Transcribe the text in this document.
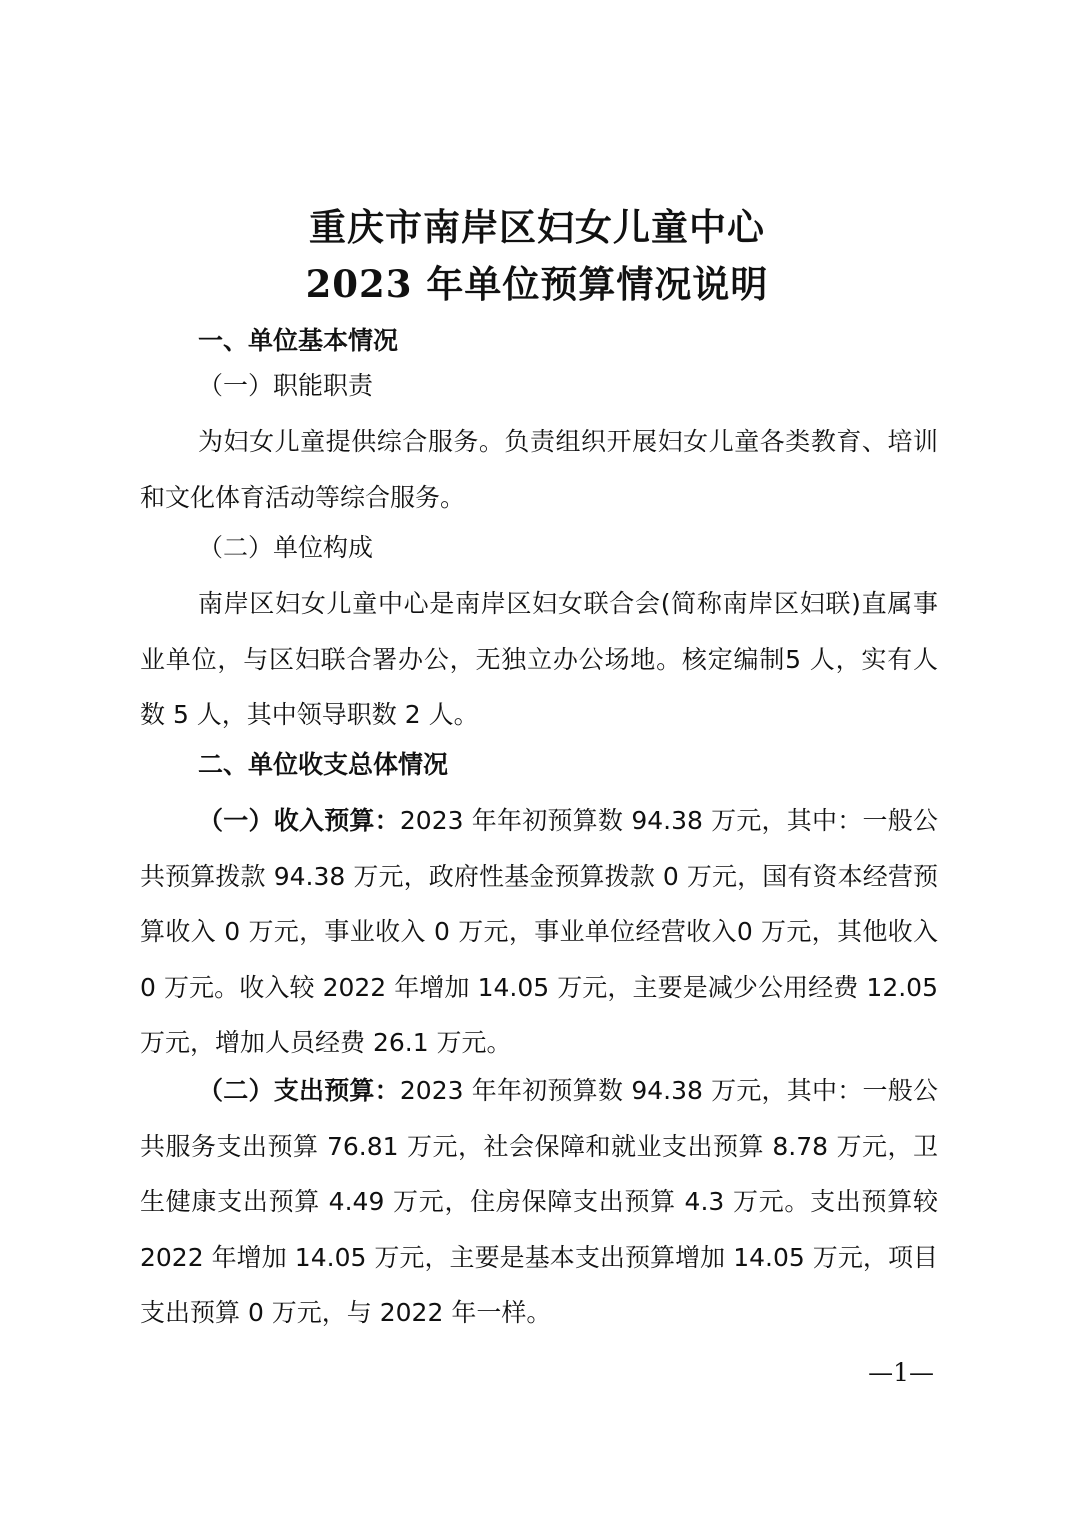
重庆市南岸区妇女儿童中心
2023 年单位预算情况说明

一、单位基本情况

（一）职能职责

为妇女儿童提供综合服务。负责组织开展妇女儿童各类教育、培训和文化体育活动等综合服务。

（二）单位构成

南岸区妇女儿童中心是南岸区妇女联合会(简称南岸区妇联)直属事业单位，与区妇联合署办公，无独立办公场地。核定编制5 人，实有人数 5 人，其中领导职数 2 人。

二、单位收支总体情况

（一）收入预算：2023 年年初预算数 94.38 万元，其中：一般公共预算拨款 94.38 万元，政府性基金预算拨款 0 万元，国有资本经营预算收入 0 万元，事业收入 0 万元，事业单位经营收入0 万元，其他收入 0 万元。收入较 2022 年增加 14.05 万元，主要是减少公用经费 12.05 万元，增加人员经费 26.1 万元。

（二）支出预算：2023 年年初预算数 94.38 万元，其中：一般公共服务支出预算 76.81 万元，社会保障和就业支出预算 8.78 万元，卫生健康支出预算 4.49 万元，住房保障支出预算 4.3 万元。支出预算较 2022 年增加 14.05 万元，主要是基本支出预算增加 14.05 万元，项目支出预算 0 万元，与 2022 年一样。

—1—
